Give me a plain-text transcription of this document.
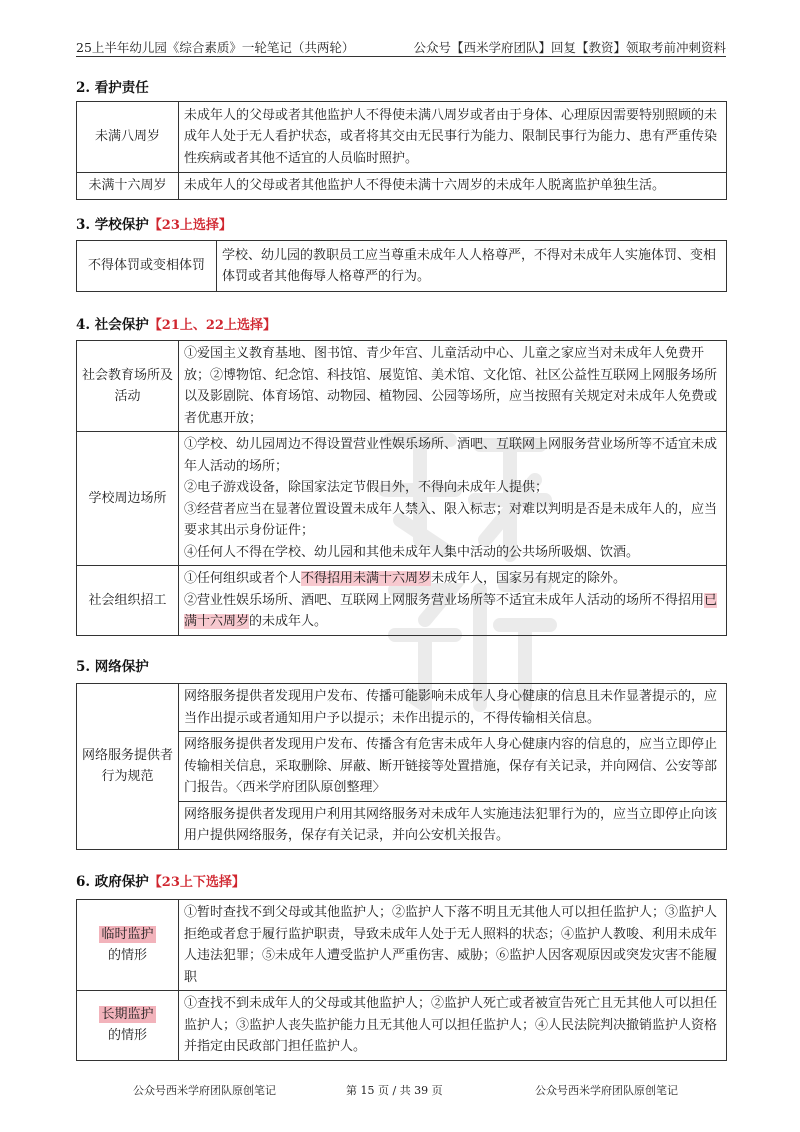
25上半年幼儿园《综合素质》一轮笔记（共两轮）	公众号【西米学府团队】回复【教资】领取考前冲刺资料
2. 看护责任
未满八周岁	未成年人的父母或者其他监护人不得使未满八周岁或者由于身体、心理原因需要特别照顾的未成年人处于无人看护状态，或者将其交由无民事行为能力、限制民事行为能力、患有严重传染性疾病或者其他不适宜的人员临时照护。
未满十六周岁	未成年人的父母或者其他监护人不得使未满十六周岁的未成年人脱离监护单独生活。
3. 学校保护【23上选择】
不得体罚或变相体罚	学校、幼儿园的教职员工应当尊重未成年人人格尊严，不得对未成年人实施体罚、变相体罚或者其他侮辱人格尊严的行为。
4. 社会保护【21上、22上选择】
社会教育场所及活动	①爱国主义教育基地、图书馆、青少年宫、儿童活动中心、儿童之家应当对未成年人免费开放；②博物馆、纪念馆、科技馆、展览馆、美术馆、文化馆、社区公益性互联网上网服务场所以及影剧院、体育场馆、动物园、植物园、公园等场所，应当按照有关规定对未成年人免费或者优惠开放；
学校周边场所	①学校、幼儿园周边不得设置营业性娱乐场所、酒吧、互联网上网服务营业场所等不适宜未成年人活动的场所；
②电子游戏设备，除国家法定节假日外，不得向未成年人提供；
③经营者应当在显著位置设置未成年人禁入、限入标志；对难以判明是否是未成年人的，应当要求其出示身份证件；
④任何人不得在学校、幼儿园和其他未成年人集中活动的公共场所吸烟、饮酒。

社会组织招工	①任何组织或者个人不得招用未满十六周岁未成年人，国家另有规定的除外。
②营业性娱乐场所、酒吧、互联网上网服务营业场所等不适宜未成年人活动的场所不得招用已满十六周岁的未成年人。
5. 网络保护
网络服务提供者行为规范	网络服务提供者发现用户发布、传播可能影响未成年人身心健康的信息且未作显著提示的，应当作出提示或者通知用户予以提示；未作出提示的，不得传输相关信息。
网络服务提供者发现用户发布、传播含有危害未成年人身心健康内容的信息的，应当立即停止传输相关信息，采取删除、屏蔽、断开链接等处置措施，保存有关记录，并向网信、公安等部门报告。〈西米学府团队原创整理〉
网络服务提供者发现用户利用其网络服务对未成年人实施违法犯罪行为的，应当立即停止向该用户提供网络服务，保存有关记录，并向公安机关报告。
6. 政府保护【23上下选择】
临时监护
的情形	①暂时查找不到父母或其他监护人；②监护人下落不明且无其他人可以担任监护人；③监护人拒绝或者怠于履行监护职责，导致未成年人处于无人照料的状态；④监护人教唆、利用未成年人违法犯罪；⑤未成年人遭受监护人严重伤害、威胁；⑥监护人因客观原因或突发灾害不能履职
长期监护
的情形	①查找不到未成年人的父母或其他监护人；②监护人死亡或者被宣告死亡且无其他人可以担任监护人；③监护人丧失监护能力且无其他人可以担任监护人；④人民法院判决撤销监护人资格并指定由民政部门担任监护人。
公众号西米学府团队原创笔记	第 15 页 / 共 39 页	公众号西米学府团队原创笔记
